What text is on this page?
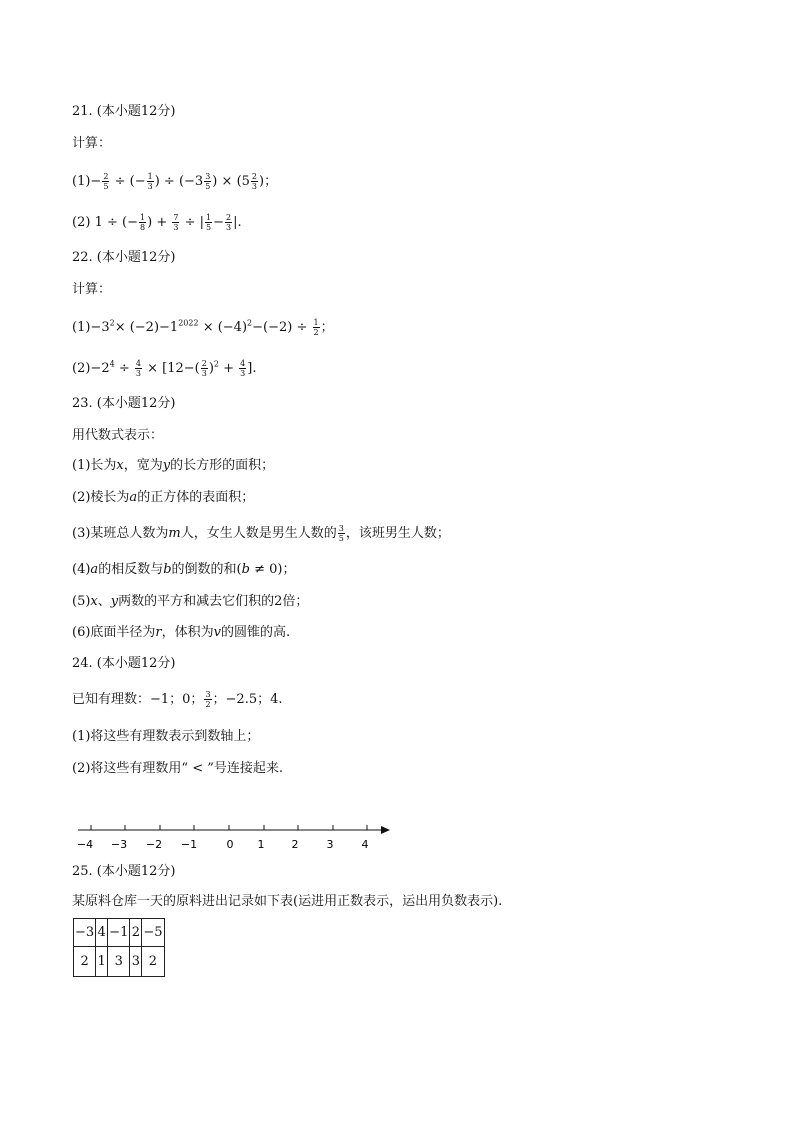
21. (本小题12分)
计算：
$(1)- \frac{2}{5}$ ÷ (− $\frac{1}{3}$ ) ÷ ($-3 \frac{3}{5}$ ) × ($5 \frac{2}{3}$ )；
(2) 1 ÷ (− $\frac{1}{8}$ ) + $\frac{7}{3}$ ÷ | $\frac{1}{5} - \frac{2}{3}$ |.
22. (本小题12分)
计算：
$(1)-3^2\times (-2)-1^{2022} \times (-4)^2-(-2) \div \frac{1}{2}$ ；
$(2)-2^4 \div \frac{4}{3} \times [12-( \frac{2}{3} )^2 + \frac{4}{3}$ ].
23. (本小题12分)
用代数式表示：
(1)长为x，宽为y的长方形的面积；
(2)棱长为a的正方体的表面积；
(3)某班总人数为m人，女生人数是男生人数的 $\frac{3}{5}$ ，该班男生人数；
(4)a的相反数与b的倒数的和(b ≠ 0)；
(5)x、y两数的平方和减去它们积的2倍；
(6)底面半径为r，体积为v的圆锥的高.
24. (本小题12分)
已知有理数：−1；0； $\frac{3}{2}$ ；−2.5；4.
(1)将这些有理数表示到数轴上；
(2)将这些有理数用“ < ”号连接起来.
−4 −3 −2 −1	0 1 2	3	4
25. (本小题12分)
某原料仓库一天的原料进出记录如下表(运进用正数表示，运出用负数表示).
−3	4	−1	2	−5
2	1	3	3	2
